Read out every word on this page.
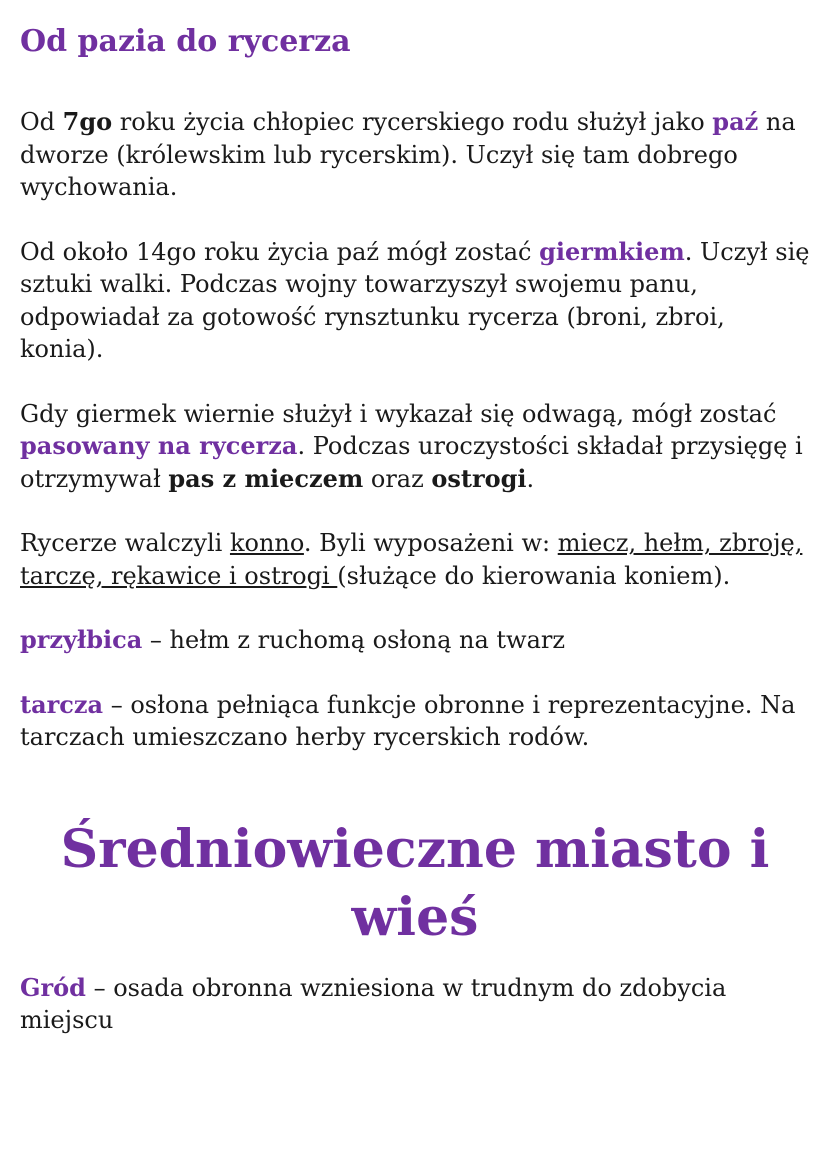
Od pazia do rycerza

Od 7go roku życia chłopiec rycerskiego rodu służył jako paź na dworze (królewskim lub rycerskim). Uczył się tam dobrego wychowania.

Od około 14go roku życia paź mógł zostać giermkiem. Uczył się sztuki walki. Podczas wojny towarzyszył swojemu panu, odpowiadał za gotowość rynsztunku rycerza (broni, zbroi, konia).

Gdy giermek wiernie służył i wykazał się odwagą, mógł zostać pasowany na rycerza. Podczas uroczystości składał przysięgę i otrzymywał pas z mieczem oraz ostrogi.

Rycerze walczyli konno. Byli wyposażeni w: miecz, hełm, zbroję, tarczę, rękawice i ostrogi (służące do kierowania koniem).

przyłbica – hełm z ruchomą osłoną na twarz

tarcza – osłona pełniąca funkcje obronne i reprezentacyjne. Na tarczach umieszczano herby rycerskich rodów.

Średniowieczne miasto i wieś

Gród – osada obronna wzniesiona w trudnym do zdobycia miejscu
